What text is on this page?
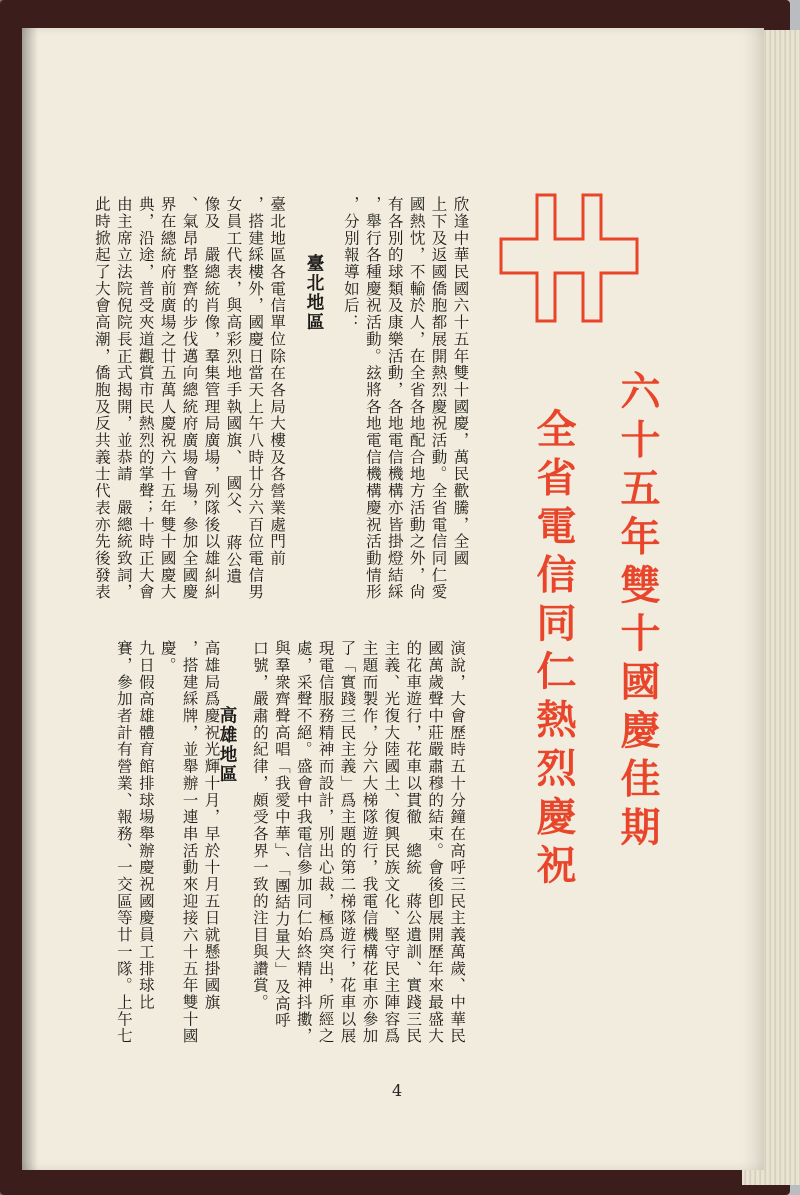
六十五年雙十國慶佳期
全省電信同仁熱烈慶祝
欣逢中華民國六十五年雙十國慶，萬民歡騰，全國
上下及返國僑胞都展開熱烈慶祝活動。全省電信同仁愛
國熱忱，不輸於人，在全省各地配合地方活動之外，尙
有各別的球類及康樂活動，各地電信機構亦皆掛燈結綵
，舉行各種慶祝活動。玆將各地電信機構慶祝活動情形
，分別報導如后：
臺北地區
臺北地區各電信單位除在各局大樓及各營業處門前
，搭建綵樓外，國慶日當天上午八時廿分六百位電信男
女員工代表，與高彩烈地手執國旗、　國父、　蔣公遺
像及　嚴總統肖像，羣集管理局廣場，列隊後以雄糾糾
、氣昂昂整齊的步伐邁向總統府廣場會場，參加全國慶
界在總統府前廣場之廿五萬人慶祝六十五年雙十國慶大
典，沿途，普受夾道觀賞市民熱烈的掌聲；十時正大會
由主席立法院倪院長正式揭開，並恭請　嚴總統致詞，
此時掀起了大會高潮，僑胞及反共義士代表亦先後發表
演說，大會歷時五十分鐘在高呼三民主義萬歲、中華民
國萬歲聲中莊嚴肅穆的結束。會後卽展開歷年來最盛大
的花車遊行，花車以貫徹　總統　蔣公遺訓、實踐三民
主義、光復大陸國土、復興民族文化、堅守民主陣容爲
主題而製作，分六大梯隊遊行，我電信機構花車亦參加
了「實踐三民主義」爲主題的第二梯隊遊行，花車以展
現電信服務精神而設計，別出心裁，極爲突出，所經之
處，采聲不絕。盛會中我電信參加同仁始終精神抖擻，
與羣衆齊聲高唱「我愛中華」、「團結力量大」及高呼
口號，嚴肅的紀律，頗受各界一致的注目與讚賞。
高雄地區
高雄局爲慶祝光輝十月，早於十月五日就懸掛國旗
，搭建綵牌，並舉辦一連串活動來迎接六十五年雙十國
慶。
九日假高雄體育館排球場舉辦慶祝國慶員工排球比
賽，參加者計有營業、報務、一交區等廿一隊。上午七
4
